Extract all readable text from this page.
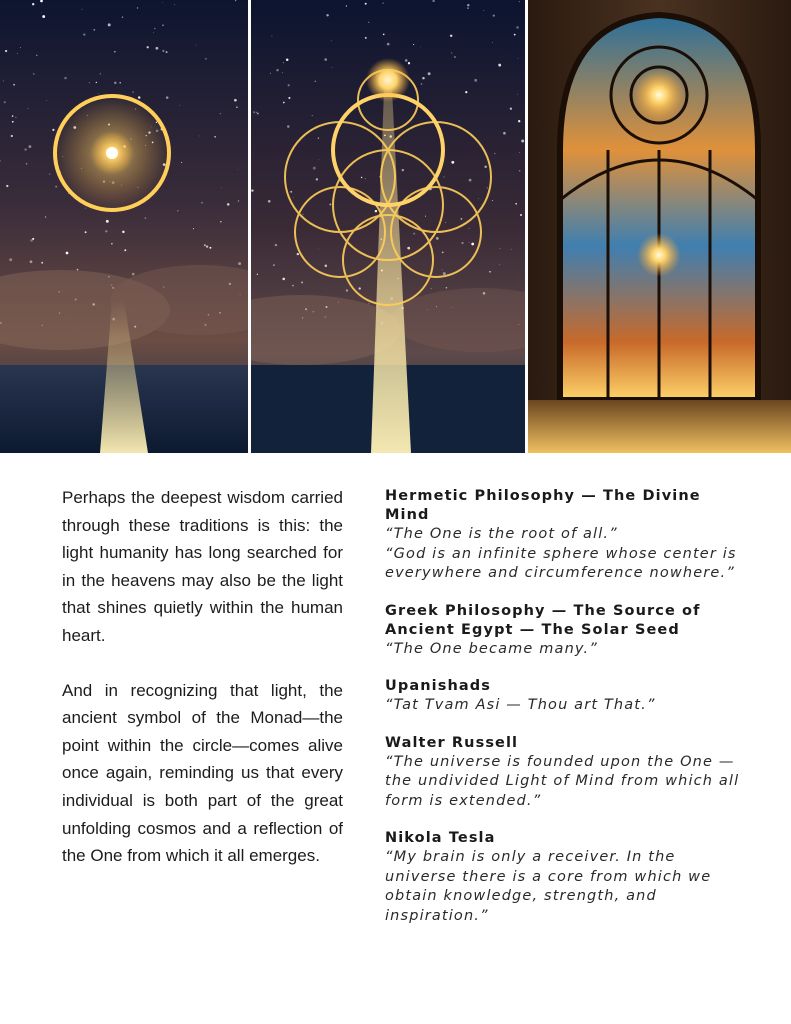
Perhaps the deepest wisdom carried through these traditions is this: the light humanity has long searched for in the heavens may also be the light that shines quietly within the human heart.

And in recognizing that light, the ancient symbol of the Monad—the point within the circle—comes alive once again, reminding us that every individual is both part of the great unfolding cosmos and a reflection of the One from which it all emerges.

Hermetic Philosophy — The Divine Mind

“The One is the root of all.”

“God is an infinite sphere whose center is everywhere and circumference nowhere.”

Greek Philosophy — The Source of

Ancient Egypt — The Solar Seed

“The One became many.”

Upanishads

“Tat Tvam Asi — Thou art That.”

Walter Russell

“The universe is founded upon the One — the undivided Light of Mind from which all form is extended.”

Nikola Tesla

“My brain is only a receiver. In the universe there is a core from which we obtain knowledge, strength, and inspiration.”
